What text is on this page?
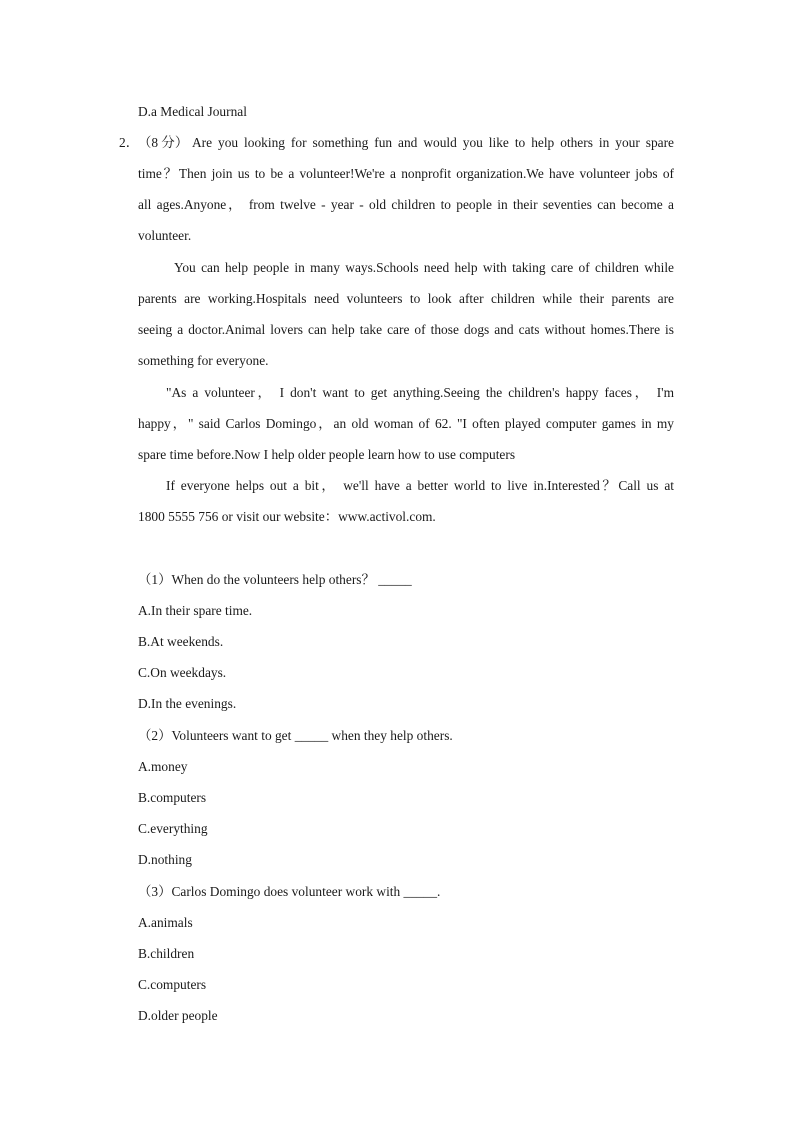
D.a Medical Journal
2．
（8 分） Are you looking for something fun and would you like to help others in your spare
time？Then join us to be a volunteer!We're a nonprofit organization.We have volunteer jobs of
all ages.Anyone， from twelve - year - old children to people in their seventies can become a
volunteer.
You can help people in many ways.Schools need help with taking care of children while
parents are working.Hospitals need volunteers to look after children while their parents are
seeing a doctor.Animal lovers can help take care of those dogs and cats without homes.There is
something for everyone.
"As a volunteer， I don't want to get anything.Seeing the children's happy faces， I'm
happy，" said Carlos Domingo，an old woman of 62. "I often played computer games in my
spare time before.Now I help older people learn how to use computers
If everyone helps out a bit， we'll have a better world to live in.Interested？Call us at
1800 5555 756 or visit our website：www.activol.com.
（1）When do the volunteers help others？ _____
A.In their spare time.
B.At weekends.
C.On weekdays.
D.In the evenings.
（2）Volunteers want to get _____ when they help others.
A.money
B.computers
C.everything
D.nothing
（3）Carlos Domingo does volunteer work with _____.
A.animals
B.children
C.computers
D.older people
